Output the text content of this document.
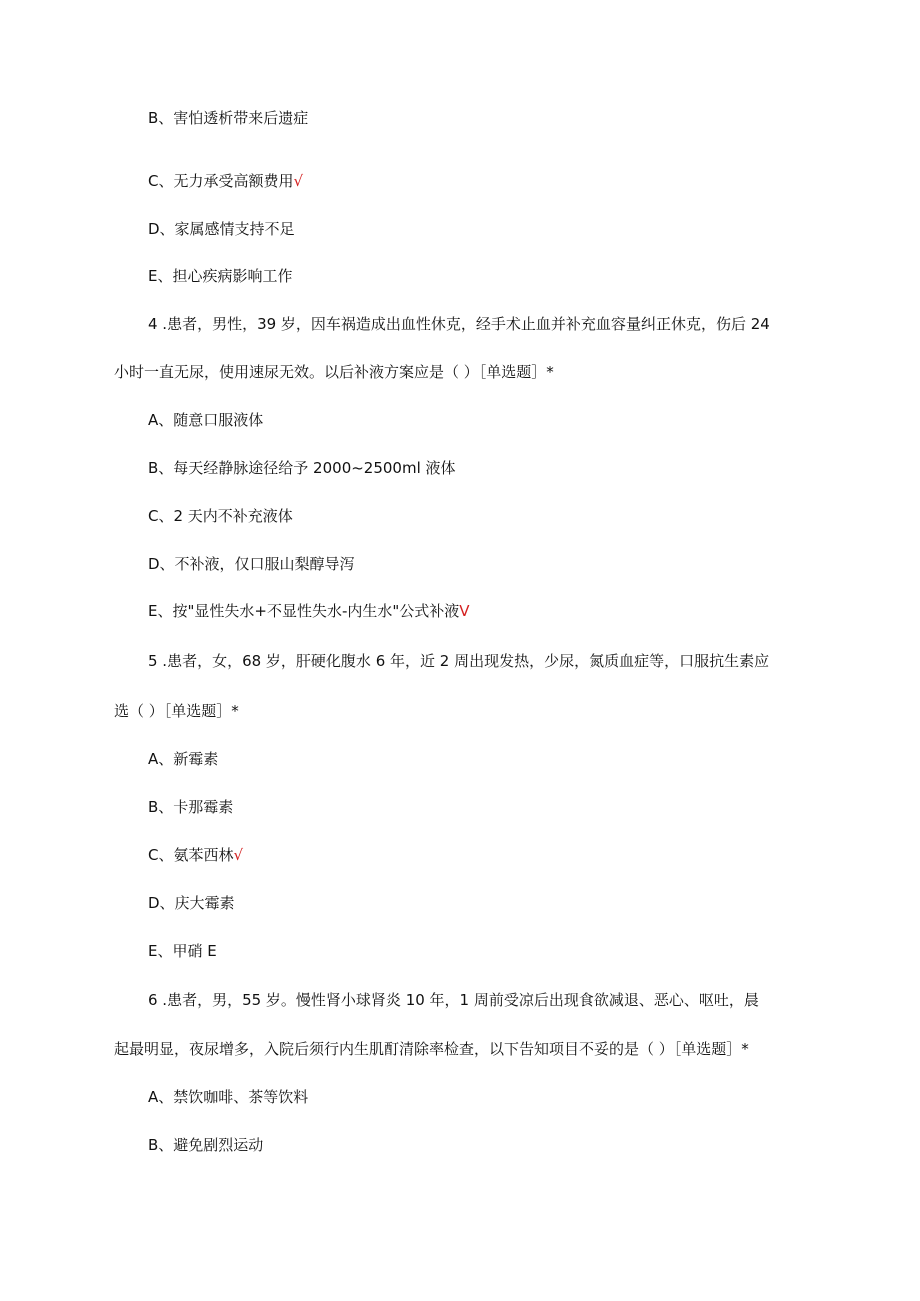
B、害怕透析带来后遗症
C、无力承受高额费用√
D、家属感情支持不足
E、担心疾病影响工作
4 .患者，男性，39 岁，因车祸造成出血性休克，经手术止血并补充血容量纠正休克，伤后 24
小时一直无尿，使用速尿无效。以后补液方案应是（ ）［单选题］*
A、随意口服液体
B、每天经静脉途径给予 2000~2500ml 液体
C、2 天内不补充液体
D、不补液，仅口服山梨醇导泻
E、按"显性失水+不显性失水-内生水"公式补液V
5 .患者，女，68 岁，肝硬化腹水 6 年，近 2 周出现发热，少尿，氮质血症等，口服抗生素应
选（ ）［单选题］*
A、新霉素
B、卡那霉素
C、氨苯西林√
D、庆大霉素
E、甲硝 E
6 .患者，男，55 岁。慢性肾小球肾炎 10 年，1 周前受凉后出现食欲减退、恶心、呕吐，晨
起最明显，夜尿增多，入院后须行内生肌酊清除率检查，以下告知项目不妥的是（ ）［单选题］*
A、禁饮咖啡、茶等饮料
B、避免剧烈运动
